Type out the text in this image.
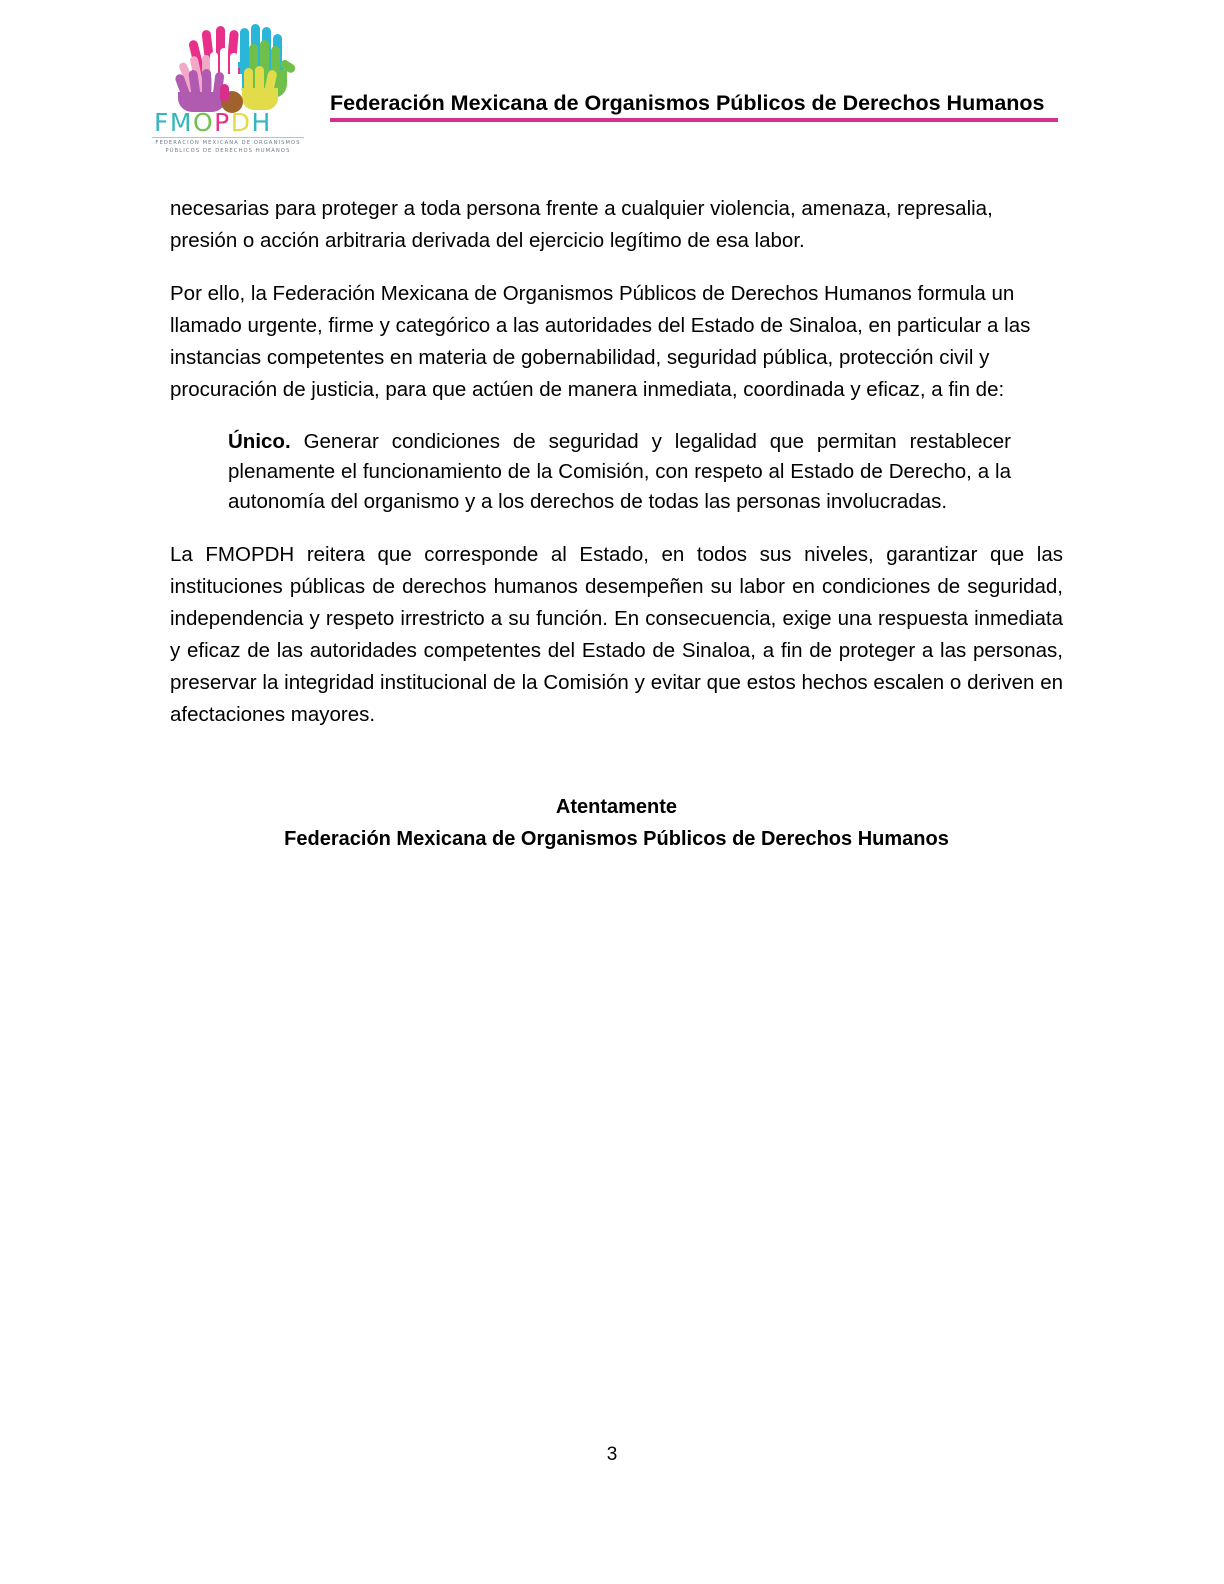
FMOPDH
FEDERACIÓN MEXICANA DE ORGANISMOS
PÚBLICOS DE DERECHOS HUMANOS
Federación Mexicana de Organismos Públicos de Derechos Humanos

necesarias para proteger a toda persona frente a cualquier violencia, amenaza, represalia, presión o acción arbitraria derivada del ejercicio legítimo de esa labor.

Por ello, la Federación Mexicana de Organismos Públicos de Derechos Humanos formula un llamado urgente, firme y categórico a las autoridades del Estado de Sinaloa, en particular a las instancias competentes en materia de gobernabilidad, seguridad pública, protección civil y procuración de justicia, para que actúen de manera inmediata, coordinada y eficaz, a fin de:

Único. Generar condiciones de seguridad y legalidad que permitan restablecer plenamente el funcionamiento de la Comisión, con respeto al Estado de Derecho, a la autonomía del organismo y a los derechos de todas las personas involucradas.

La FMOPDH reitera que corresponde al Estado, en todos sus niveles, garantizar que las instituciones públicas de derechos humanos desempeñen su labor en condiciones de seguridad, independencia y respeto irrestricto a su función. En consecuencia, exige una respuesta inmediata y eficaz de las autoridades competentes del Estado de Sinaloa, a fin de proteger a las personas, preservar la integridad institucional de la Comisión y evitar que estos hechos escalen o deriven en afectaciones mayores.

Atentamente
Federación Mexicana de Organismos Públicos de Derechos Humanos
3
